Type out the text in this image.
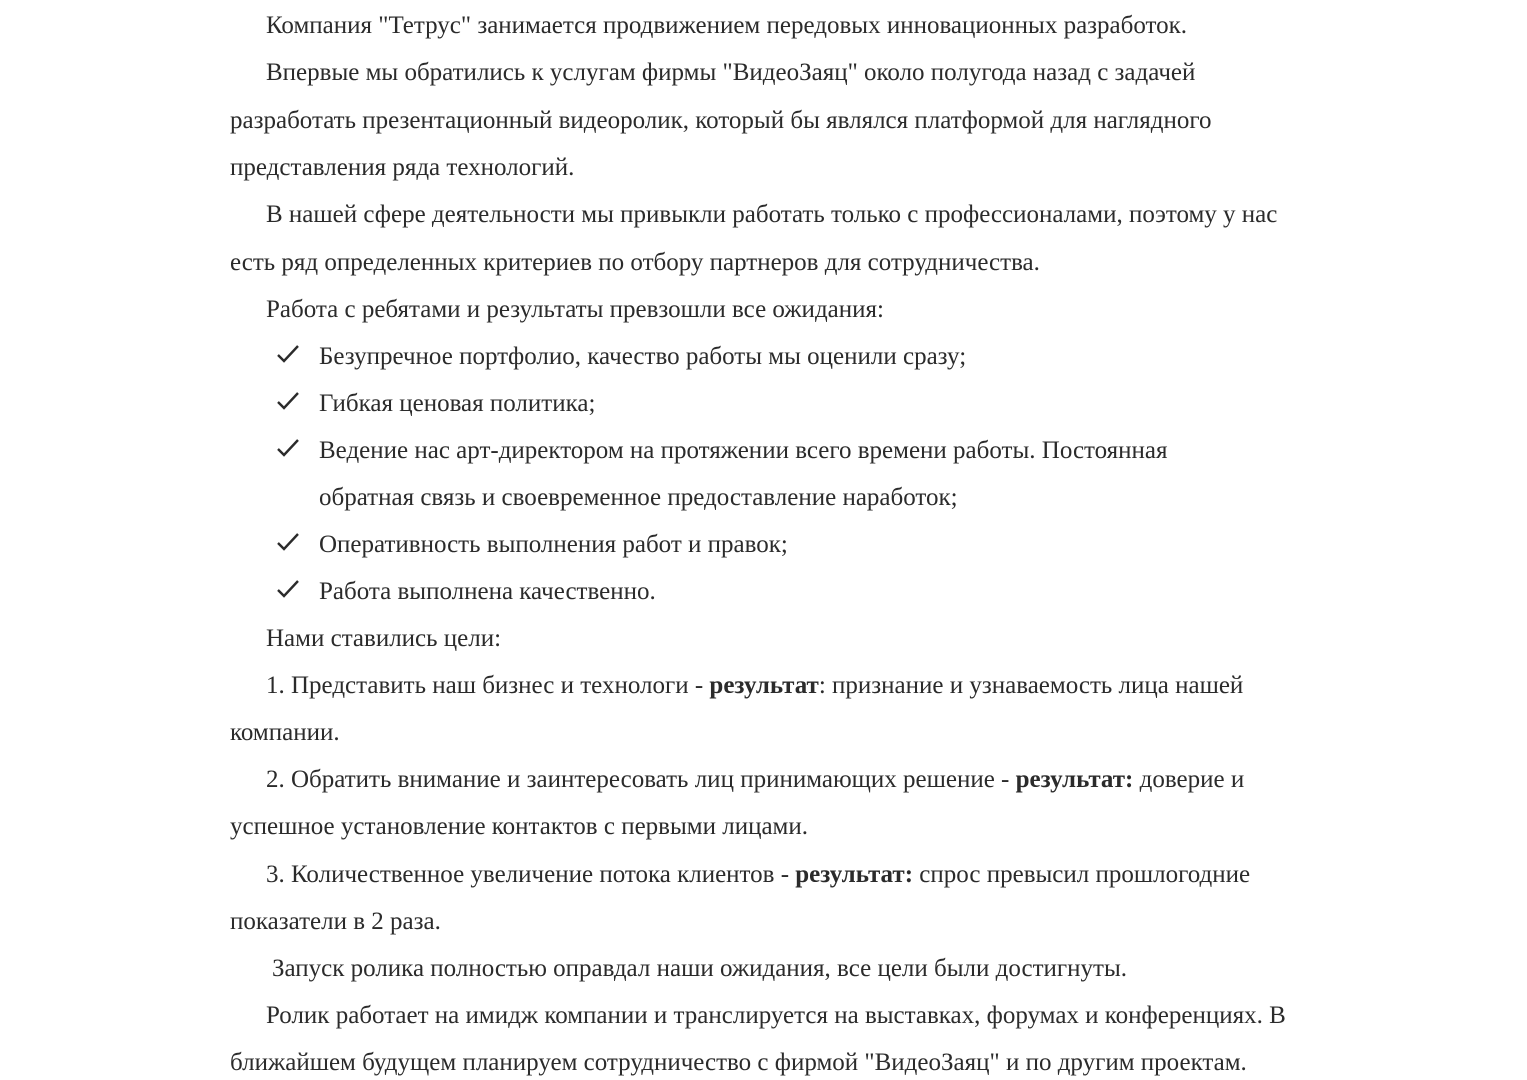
Компания "Тетрус" занимается продвижением передовых инновационных разработок.
Впервые мы обратились к услугам фирмы "ВидеоЗаяц" около полугода назад с задачей
разработать презентационный видеоролик, который бы являлся платформой для наглядного
представления ряда технологий.
В нашей сфере деятельности мы привыкли работать только с профессионалами, поэтому у нас
есть ряд определенных критериев по отбору партнеров для сотрудничества.
Работа с ребятами и результаты превзошли все ожидания:
Безупречное портфолио, качество работы мы оценили сразу;
Гибкая ценовая политика;
Ведение нас арт-директором на протяжении всего времени работы. Постоянная
обратная связь и своевременное предоставление наработок;
Оперативность выполнения работ и правок;
Работа выполнена качественно.
Нами ставились цели:
1. Представить наш бизнес и технологи - результат: признание и узнаваемость лица нашей
компании.
2. Обратить внимание и заинтересовать лиц принимающих решение - результат: доверие и
успешное установление контактов с первыми лицами.
3. Количественное увеличение потока клиентов - результат: спрос превысил прошлогодние
показатели в 2 раза.
Запуск ролика полностью оправдал наши ожидания, все цели были достигнуты.
Ролик работает на имидж компании и транслируется на выставках, форумах и конференциях. В
ближайшем будущем планируем сотрудничество с фирмой "ВидеоЗаяц" и по другим проектам.
